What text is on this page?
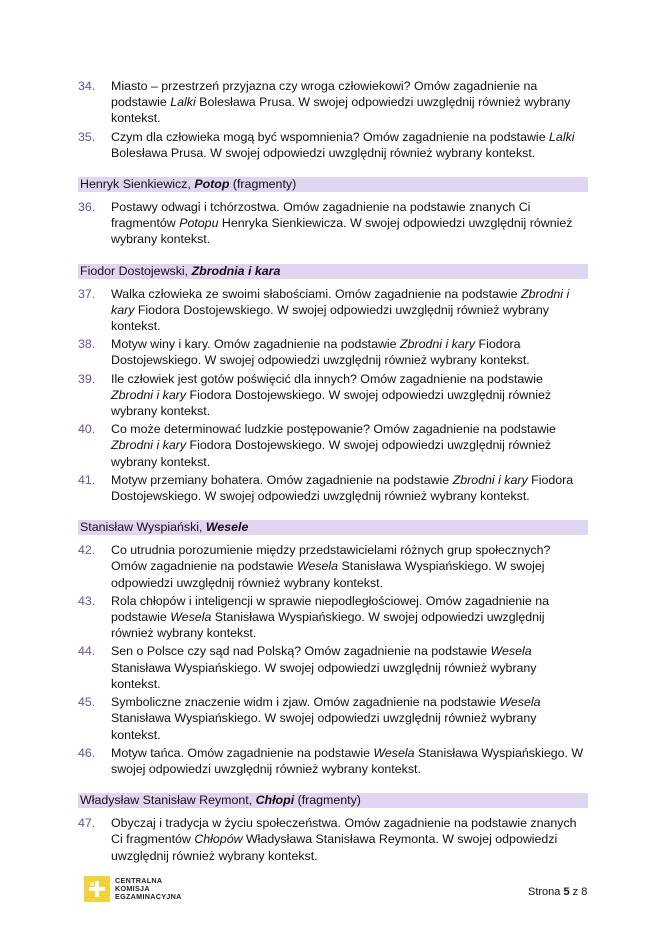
34. Miasto – przestrzeń przyjazna czy wroga człowiekowi? Omów zagadnienie na podstawie Lalki Bolesława Prusa. W swojej odpowiedzi uwzględnij również wybrany kontekst.
35. Czym dla człowieka mogą być wspomnienia? Omów zagadnienie na podstawie Lalki Bolesława Prusa. W swojej odpowiedzi uwzględnij również wybrany kontekst.
Henryk Sienkiewicz, Potop (fragmenty)
36. Postawy odwagi i tchórzostwa. Omów zagadnienie na podstawie znanych Ci fragmentów Potopu Henryka Sienkiewicza. W swojej odpowiedzi uwzględnij również wybrany kontekst.
Fiodor Dostojewski, Zbrodnia i kara
37. Walka człowieka ze swoimi słabościami. Omów zagadnienie na podstawie Zbrodni i kary Fiodora Dostojewskiego. W swojej odpowiedzi uwzględnij również wybrany kontekst.
38. Motyw winy i kary. Omów zagadnienie na podstawie Zbrodni i kary Fiodora Dostojewskiego. W swojej odpowiedzi uwzględnij również wybrany kontekst.
39. Ile człowiek jest gotów poświęcić dla innych? Omów zagadnienie na podstawie Zbrodni i kary Fiodora Dostojewskiego. W swojej odpowiedzi uwzględnij również wybrany kontekst.
40. Co może determinować ludzkie postępowanie? Omów zagadnienie na podstawie Zbrodni i kary Fiodora Dostojewskiego. W swojej odpowiedzi uwzględnij również wybrany kontekst.
41. Motyw przemiany bohatera. Omów zagadnienie na podstawie Zbrodni i kary Fiodora Dostojewskiego. W swojej odpowiedzi uwzględnij również wybrany kontekst.
Stanisław Wyspiański, Wesele
42. Co utrudnia porozumienie między przedstawicielami różnych grup społecznych? Omów zagadnienie na podstawie Wesela Stanisława Wyspiańskiego. W swojej odpowiedzi uwzględnij również wybrany kontekst.
43. Rola chłopów i inteligencji w sprawie niepodległościowej. Omów zagadnienie na podstawie Wesela Stanisława Wyspiańskiego. W swojej odpowiedzi uwzględnij również wybrany kontekst.
44. Sen o Polsce czy sąd nad Polską? Omów zagadnienie na podstawie Wesela Stanisława Wyspiańskiego. W swojej odpowiedzi uwzględnij również wybrany kontekst.
45. Symboliczne znaczenie widm i zjaw. Omów zagadnienie na podstawie Wesela Stanisława Wyspiańskiego. W swojej odpowiedzi uwzględnij również wybrany kontekst.
46. Motyw tańca. Omów zagadnienie na podstawie Wesela Stanisława Wyspiańskiego. W swojej odpowiedzi uwzględnij również wybrany kontekst.
Władysław Stanisław Reymont, Chłopi (fragmenty)
47. Obyczaj i tradycja w życiu społeczeństwa. Omów zagadnienie na podstawie znanych Ci fragmentów Chłopów Władysława Stanisława Reymonta. W swojej odpowiedzi uwzględnij również wybrany kontekst.
CENTRALNA
KOMISJA
EGZAMINACYJNA	Strona 5 z 8
